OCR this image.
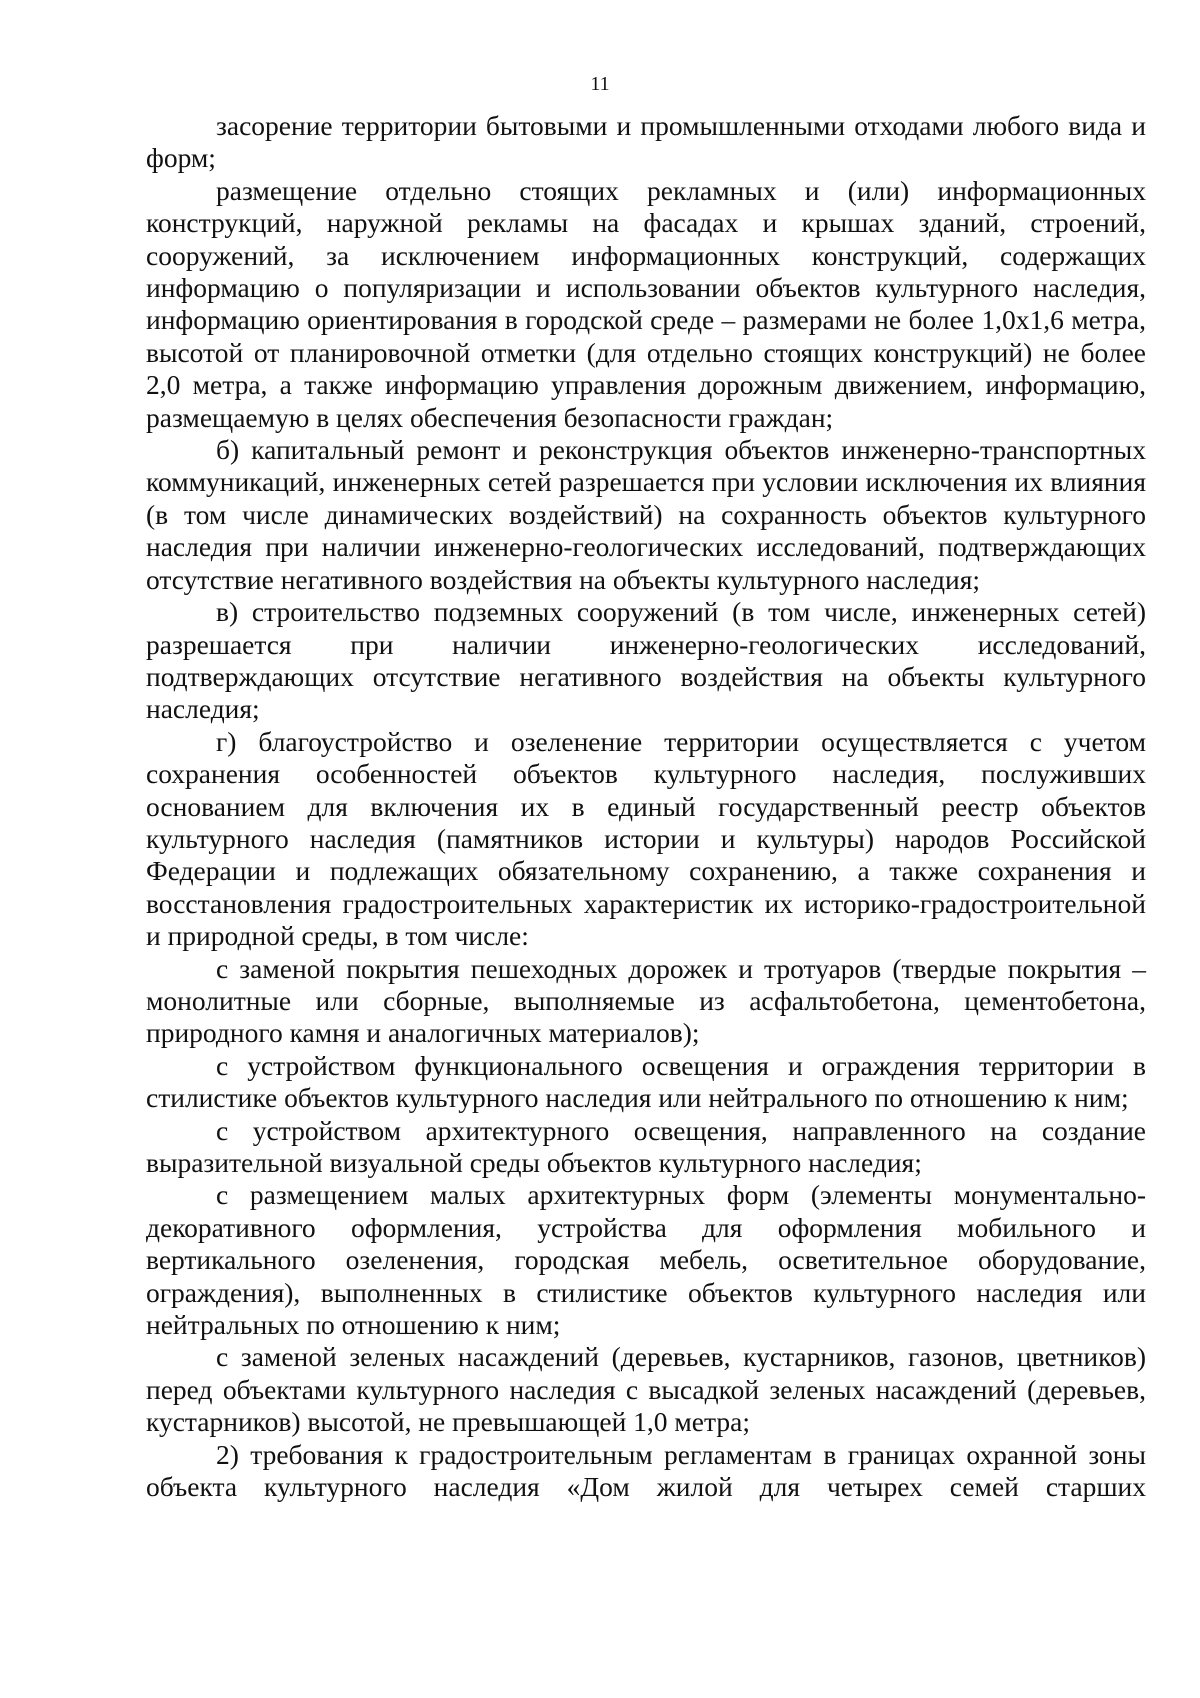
11

засорение территории бытовыми и промышленными отходами любого вида и форм;

размещение отдельно стоящих рекламных и (или) информационных конструкций, наружной рекламы на фасадах и крышах зданий, строений, сооружений, за исключением информационных конструкций, содержащих информацию о популяризации и использовании объектов культурного наследия, информацию ориентирования в городской среде – размерами не более 1,0х1,6 метра, высотой от планировочной отметки (для отдельно стоящих конструкций) не более 2,0 метра, а также информацию управления дорожным движением, информацию, размещаемую в целях обеспечения безопасности граждан;

б) капитальный ремонт и реконструкция объектов инженерно-транспортных коммуникаций, инженерных сетей разрешается при условии исключения их влияния (в том числе динамических воздействий) на сохранность объектов культурного наследия при наличии инженерно-геологических исследований, подтверждающих отсутствие негативного воздействия на объекты культурного наследия;

в) строительство подземных сооружений (в том числе, инженерных сетей) разрешается при наличии инженерно-геологических исследований, подтверждающих отсутствие негативного воздействия на объекты культурного наследия;

г) благоустройство и озеленение территории осуществляется с учетом сохранения особенностей объектов культурного наследия, послуживших основанием для включения их в единый государственный реестр объектов культурного наследия (памятников истории и культуры) народов Российской Федерации и подлежащих обязательному сохранению, а также сохранения и восстановления градостроительных характеристик их историко-градостроительной и природной среды, в том числе:

с заменой покрытия пешеходных дорожек и тротуаров (твердые покрытия – монолитные или сборные, выполняемые из асфальтобетона, цементобетона, природного камня и аналогичных материалов);

с устройством функционального освещения и ограждения территории в стилистике объектов культурного наследия или нейтрального по отношению к ним;

с устройством архитектурного освещения, направленного на создание выразительной визуальной среды объектов культурного наследия;

с размещением малых архитектурных форм (элементы монументально-декоративного оформления, устройства для оформления мобильного и вертикального озеленения, городская мебель, осветительное оборудование, ограждения), выполненных в стилистике объектов культурного наследия или нейтральных по отношению к ним;

с заменой зеленых насаждений (деревьев, кустарников, газонов, цветников) перед объектами культурного наследия с высадкой зеленых насаждений (деревьев, кустарников) высотой, не превышающей 1,0 метра;

2) требования к градостроительным регламентам в границах охранной зоны объекта культурного наследия «Дом жилой для четырех семей старших
